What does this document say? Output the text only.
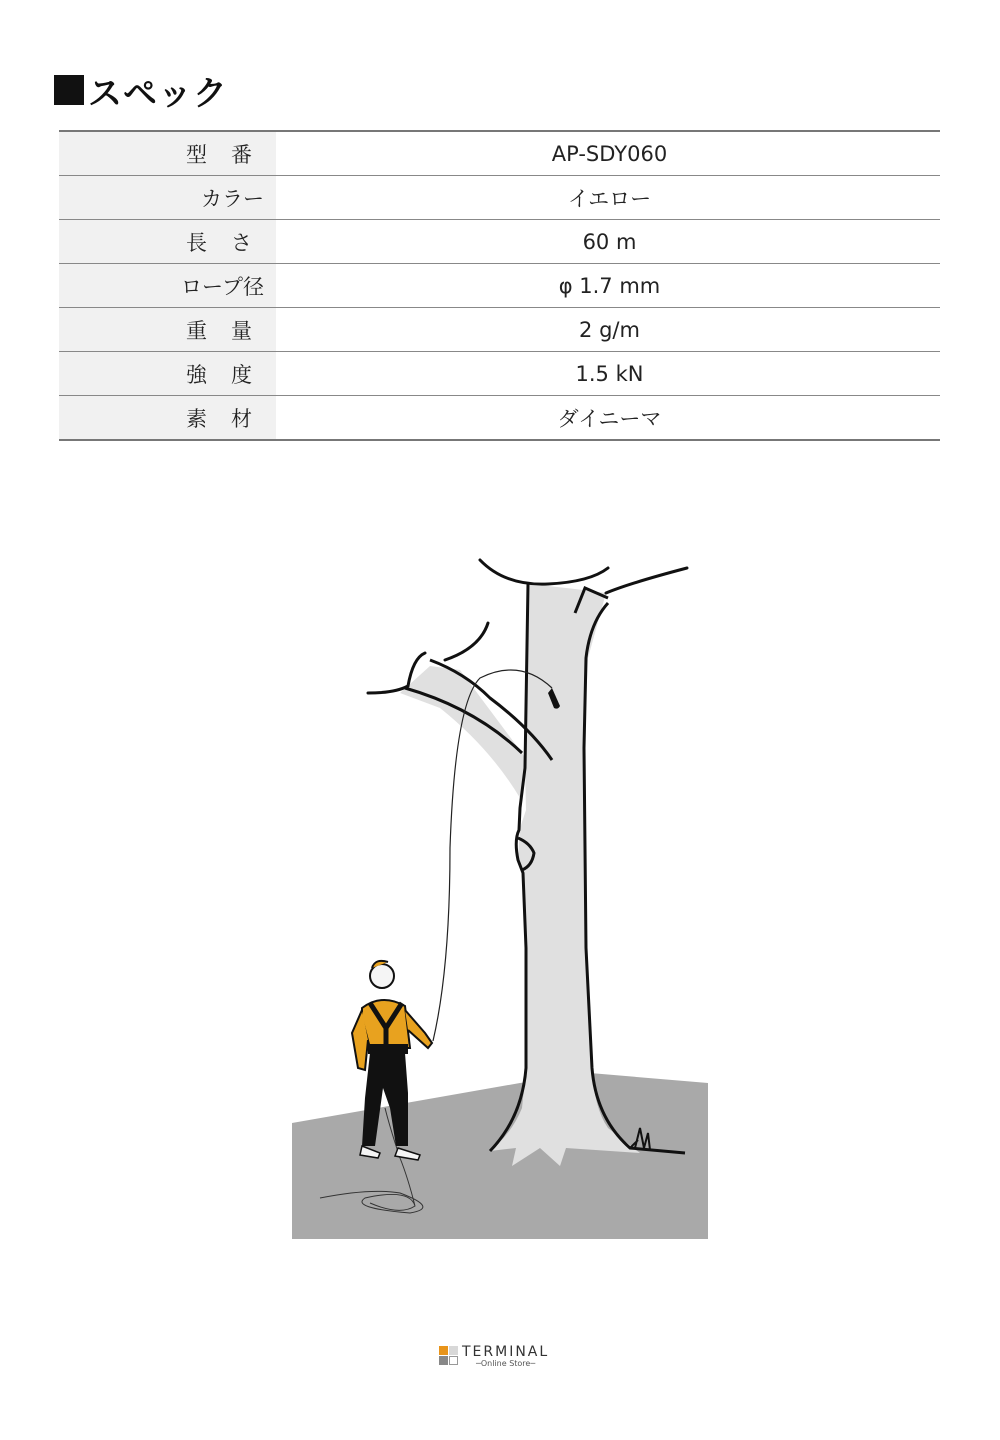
スペック
型番	AP-SDY060
カラー	イエロー
長さ	60 m
ロープ径	φ 1.7 mm
重量	2 g/m
強度	1.5 kN
素材	ダイニーマ
TERMINAL
─Online Store─
